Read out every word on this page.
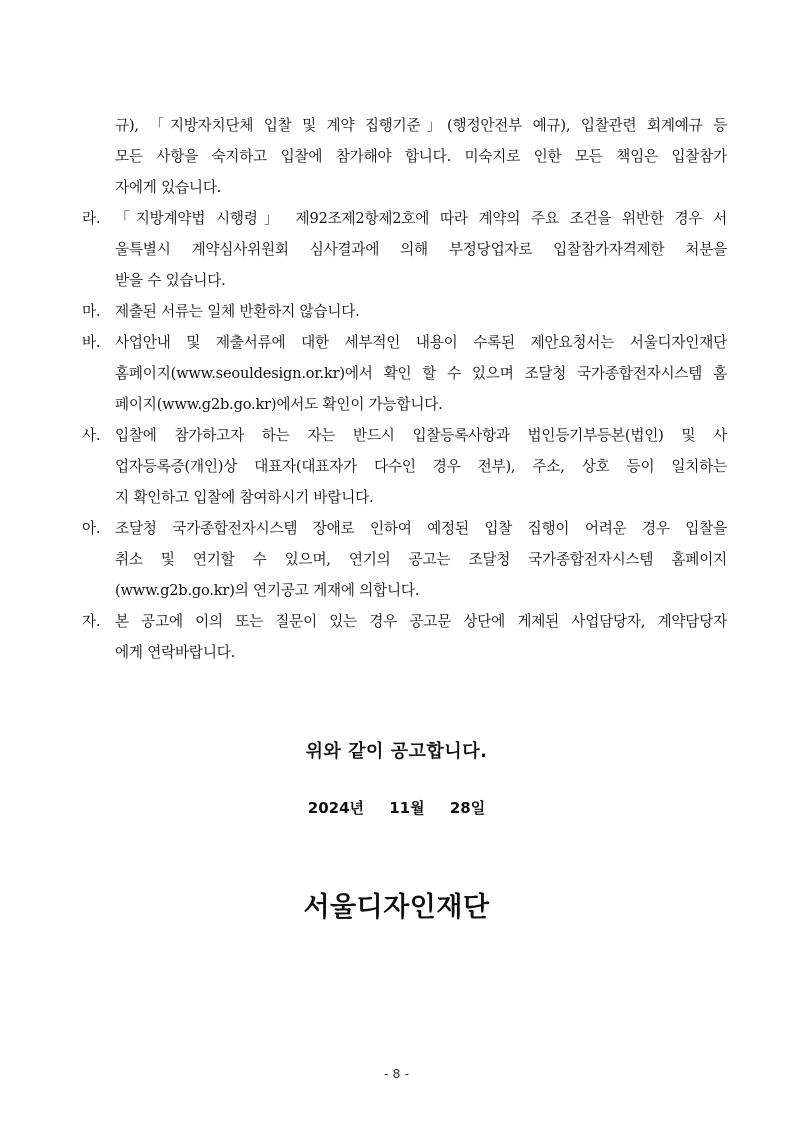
규), 「지방자치단체 입찰 및 계약 집행기준」(행정안전부 예규), 입찰관련 회계예규 등
모든 사항을 숙지하고 입찰에 참가해야 합니다. 미숙지로 인한 모든 책임은 입찰참가
자에게 있습니다.
라. 「지방계약법 시행령」 제92조제2항제2호에 따라 계약의 주요 조건을 위반한 경우 서
울특별시 계약심사위원회 심사결과에 의해 부정당업자로 입찰참가자격제한 처분을
받을 수 있습니다.
마. 제출된 서류는 일체 반환하지 않습니다.
바. 사업안내 및 제출서류에 대한 세부적인 내용이 수록된 제안요청서는 서울디자인재단
홈페이지(www.seouldesign.or.kr)에서 확인 할 수 있으며 조달청 국가종합전자시스템 홈
페이지(www.g2b.go.kr)에서도 확인이 가능합니다.
사. 입찰에 참가하고자 하는 자는 반드시 입찰등록사항과 법인등기부등본(법인) 및 사
업자등록증(개인)상 대표자(대표자가 다수인 경우 전부), 주소, 상호 등이 일치하는
지 확인하고 입찰에 참여하시기 바랍니다.
아. 조달청 국가종합전자시스템 장애로 인하여 예정된 입찰 집행이 어려운 경우 입찰을
취소 및 연기할 수 있으며, 연기의 공고는 조달청 국가종합전자시스템 홈페이지
(www.g2b.go.kr)의 연기공고 게재에 의합니다.
자. 본 공고에 이의 또는 질문이 있는 경우 공고문 상단에 게제된 사업담당자, 계약담당자
에게 연락바랍니다.
위와 같이 공고합니다.
2024년 11월 28일
서울디자인재단
- 8 -
